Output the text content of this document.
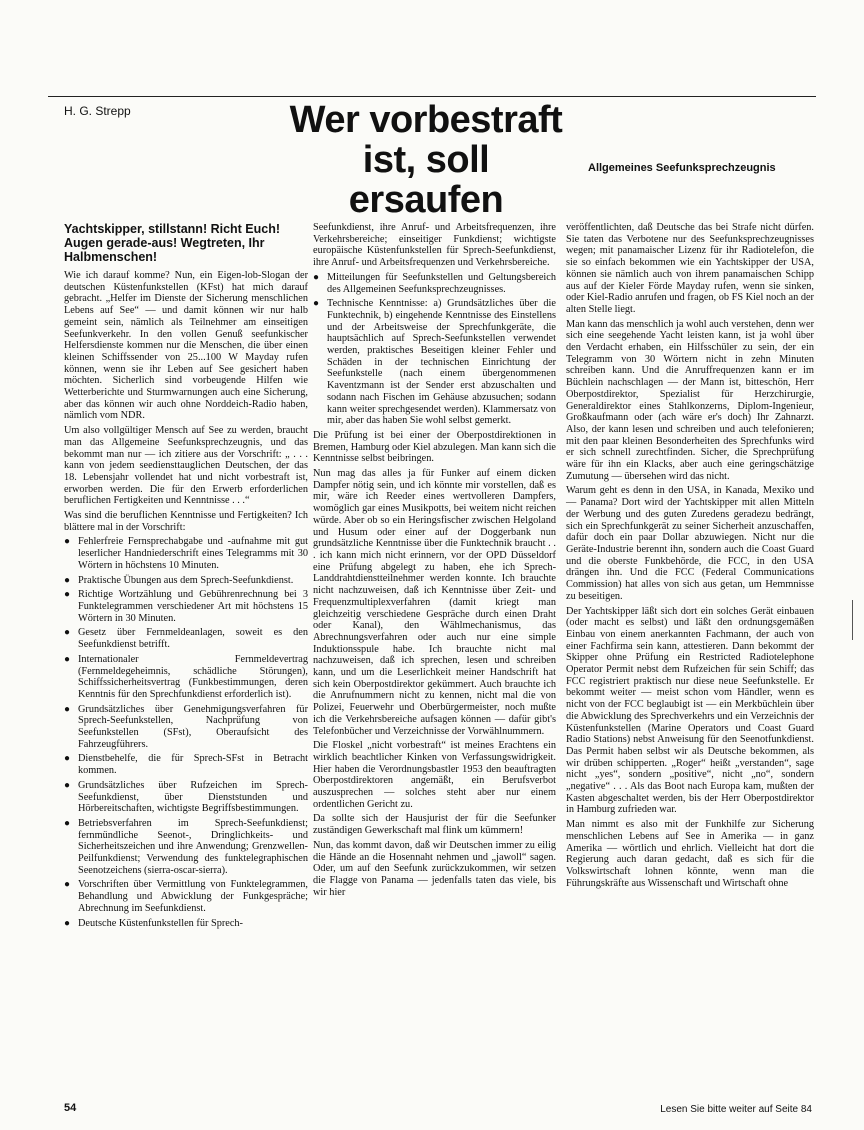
H. G. Strepp	Wer vorbestraft
ist, soll
ersaufen
Allgemeines Seefunksprechzeugnis
Yachtskipper, stillstann! Richt Euch! Augen gerade-aus! Wegtreten, Ihr Halbmenschen!

Wie ich darauf komme? Nun, ein Eigen-lob-Slogan der deutschen Küstenfunkstellen (KFst) hat mich darauf gebracht. „Helfer im Dienste der Sicherung menschlichen Lebens auf See“ — und damit können wir nur halb gemeint sein, nämlich als Teilnehmer am einseitigen Seefunkverkehr. In den vollen Genuß seefunkischer Helfersdienste kommen nur die Menschen, die über einen kleinen Schiffssender von 25...100 W Mayday rufen können, wenn sie ihr Leben auf See gesichert haben möchten. Sicherlich sind vorbeugende Hilfen wie Wetterberichte und Sturmwarnungen auch eine Sicherung, aber das können wir auch ohne Norddeich-Radio haben, nämlich vom NDR.

Um also vollgültiger Mensch auf See zu werden, braucht man das Allgemeine Seefunksprechzeugnis, und das bekommt man nur — ich zitiere aus der Vorschrift: „ . . . kann von jedem seediensttauglichen Deutschen, der das 18. Lebensjahr vollendet hat und nicht vorbestraft ist, erworben werden. Die für den Erwerb erforderlichen beruflichen Fertigkeiten und Kenntnisse . . .“

Was sind die beruflichen Kenntnisse und Fertigkeiten? Ich blättere mal in der Vorschrift:

● Fehlerfreie Fernsprechabgabe und -aufnahme mit gut leserlicher Handniederschrift eines Telegramms mit 30 Wörtern in höchstens 10 Minuten.
● Praktische Übungen aus dem Sprech-Seefunkdienst.
● Richtige Wortzählung und Gebührenrechnung bei 3 Funktelegrammen verschiedener Art mit höchstens 15 Wörtern in 30 Minuten.
● Gesetz über Fernmeldeanlagen, soweit es den Seefunkdienst betrifft.
● Internationaler Fernmeldevertrag (Fernmeldegeheimnis, schädliche Störungen), Schiffssicherheitsvertrag (Funkbestimmungen, deren Kenntnis für den Sprechfunkdienst erforderlich ist).
● Grundsätzliches über Genehmigungsverfahren für Sprech-Seefunkstellen, Nachprüfung von Seefunkstellen (SFst), Oberaufsicht des Fahrzeugführers.
● Dienstbehelfe, die für Sprech-SFst in Betracht kommen.
● Grundsätzliches über Rufzeichen im Sprech-Seefunkdienst, über Dienststunden und Hörbereitschaften, wichtigste Begriffsbestimmungen.
● Betriebsverfahren im Sprech-Seefunkdienst; fernmündliche Seenot-, Dringlichkeits- und Sicherheitszeichen und ihre Anwendung; Grenzwellen-Peilfunkdienst; Verwendung des funktelegraphischen Seenotzeichens (sierra-oscar-sierra).
● Vorschriften über Vermittlung von Funktelegrammen, Behandlung und Abwicklung der Funkgespräche; Abrechnung im Seefunkdienst.
● Deutsche Küstenfunkstellen für Sprech-

Seefunkdienst, ihre Anruf- und Arbeitsfrequenzen, ihre Verkehrsbereiche; einseitiger Funkdienst; wichtigste europäische Küstenfunkstellen für Sprech-Seefunkdienst, ihre Anruf- und Arbeitsfrequenzen und Verkehrsbereiche.

● Mitteilungen für Seefunkstellen und Geltungsbereich des Allgemeinen Seefunksprechzeugnisses.
● Technische Kenntnisse: a) Grundsätzliches über die Funktechnik, b) eingehende Kenntnisse des Einstellens und der Arbeitsweise der Sprechfunkgeräte, die hauptsächlich auf Sprech-Seefunkstellen verwendet werden, praktisches Beseitigen kleiner Fehler und Schäden in der technischen Einrichtung der Seefunkstelle (nach einem übergenommenen Kaventzmann ist der Sender erst abzuschalten und sodann nach Fischen im Gehäuse abzusuchen; sodann kann weiter sprechgesendet werden). Klammersatz von mir, aber das haben Sie wohl selbst gemerkt.

Die Prüfung ist bei einer der Oberpostdirektionen in Bremen, Hamburg oder Kiel abzulegen. Man kann sich die Kenntnisse selbst beibringen.

Nun mag das alles ja für Funker auf einem dicken Dampfer nötig sein, und ich könnte mir vorstellen, daß es mir, wäre ich Reeder eines wertvolleren Dampfers, womöglich gar eines Musikpotts, bei weitem nicht reichen würde. Aber ob so ein Heringsfischer zwischen Helgoland und Husum oder einer auf der Doggerbank nun grundsätzliche Kenntnisse über die Funktechnik braucht . . . ich kann mich nicht erinnern, vor der OPD Düsseldorf eine Prüfung abgelegt zu haben, ehe ich Sprech-Landdrahtdienstteilnehmer werden konnte. Ich brauchte nicht nachzuweisen, daß ich Kenntnisse über Zeit- und Frequenzmultiplexverfahren (damit kriegt man gleichzeitig verschiedene Gespräche durch einen Draht oder Kanal), den Wählmechanismus, das Abrechnungsverfahren oder auch nur eine simple Induktionsspule habe. Ich brauchte nicht mal nachzuweisen, daß ich sprechen, lesen und schreiben kann, und um die Leserlichkeit meiner Handschrift hat sich kein Oberpostdirektor gekümmert. Auch brauchte ich die Anrufnummern nicht zu kennen, nicht mal die von Polizei, Feuerwehr und Oberbürgermeister, noch mußte ich die Verkehrsbereiche aufsagen können — dafür gibt's Telefonbücher und Verzeichnisse der Vorwählnummern.

Die Floskel „nicht vorbestraft“ ist meines Erachtens ein wirklich beachtlicher Kinken von Verfassungswidrigkeit. Hier haben die Verordnungsbastler 1953 den beauftragten Oberpostdirektoren angemäßt, ein Berufsverbot auszusprechen — solches steht aber nur einem ordentlichen Gericht zu.

Da sollte sich der Hausjurist der für die Seefunker zuständigen Gewerkschaft mal flink um kümmern!

Nun, das kommt davon, daß wir Deutschen immer zu eilig die Hände an die Hosennaht nehmen und „jawoll“ sagen. Oder, um auf den Seefunk zurückzukommen, wir setzen die Flagge von Panama — jedenfalls taten das viele, bis wir hier

veröffentlichten, daß Deutsche das bei Strafe nicht dürfen. Sie taten das Verbotene nur des Seefunksprechzeugnisses wegen; mit panamaischer Lizenz für ihr Radiotelefon, die sie so einfach bekommen wie ein Yachtskipper der USA, können sie nämlich auch von ihrem panamaischen Schipp aus auf der Kieler Förde Mayday rufen, wenn sie sinken, oder Kiel-Radio anrufen und fragen, ob FS Kiel noch an der alten Stelle liegt.

Man kann das menschlich ja wohl auch verstehen, denn wer sich eine seegehende Yacht leisten kann, ist ja wohl über den Verdacht erhaben, ein Hilfsschüler zu sein, der ein Telegramm von 30 Wörtern nicht in zehn Minuten schreiben kann. Und die Anruffrequenzen kann er im Büchlein nachschlagen — der Mann ist, bitteschön, Herr Oberpostdirektor, Spezialist für Herzchirurgie, Generaldirektor eines Stahlkonzerns, Diplom-Ingenieur, Großkaufmann oder (ach wäre er's doch) Ihr Zahnarzt. Also, der kann lesen und schreiben und auch telefonieren; mit den paar kleinen Besonderheiten des Sprechfunks wird er sich schnell zurechtfinden. Sicher, die Sprechprüfung wäre für ihn ein Klacks, aber auch eine geringschätzige Zumutung — übersehen wird das nicht.

Warum geht es denn in den USA, in Kanada, Mexiko und — Panama? Dort wird der Yachtskipper mit allen Mitteln der Werbung und des guten Zuredens geradezu bedrängt, sich ein Sprechfunkgerät zu seiner Sicherheit anzuschaffen, dafür doch ein paar Dollar abzuwiegen. Nicht nur die Geräte-Industrie berennt ihn, sondern auch die Coast Guard und die oberste Funkbehörde, die FCC, in den USA drängen ihn. Und die FCC (Federal Communications Commission) hat alles von sich aus getan, um Hemmnisse zu beseitigen.

Der Yachtskipper läßt sich dort ein solches Gerät einbauen (oder macht es selbst) und läßt den ordnungsgemäßen Einbau von einem anerkannten Fachmann, der auch von einer Fachfirma sein kann, attestieren. Dann bekommt der Skipper ohne Prüfung ein Restricted Radiotelephone Operator Permit nebst dem Rufzeichen für sein Schiff; das FCC registriert praktisch nur diese neue Seefunkstelle. Er bekommt weiter — meist schon vom Händler, wenn es nicht von der FCC beglaubigt ist — ein Merkbüchlein über die Abwicklung des Sprechverkehrs und ein Verzeichnis der Küstenfunkstellen (Marine Operators und Coast Guard Radio Stations) nebst Anweisung für den Seenotfunkdienst. Das Permit haben selbst wir als Deutsche bekommen, als wir drüben schipperten. „Roger“ heißt „verstanden“, sage nicht „yes“, sondern „positive“, nicht „no“, sondern „negative“ . . . Als das Boot nach Europa kam, mußten der Kasten abgeschaltet werden, bis der Herr Oberpostdirektor in Hamburg zufrieden war.

Man nimmt es also mit der Funkhilfe zur Sicherung menschlichen Lebens auf See in Amerika — in ganz Amerika — wörtlich und ehrlich. Vielleicht hat dort die Regierung auch daran gedacht, daß es sich für die Volkswirtschaft lohnen könnte, wenn man die Führungskräfte aus Wissenschaft und Wirtschaft ohne

54	Lesen Sie bitte weiter auf Seite 84
